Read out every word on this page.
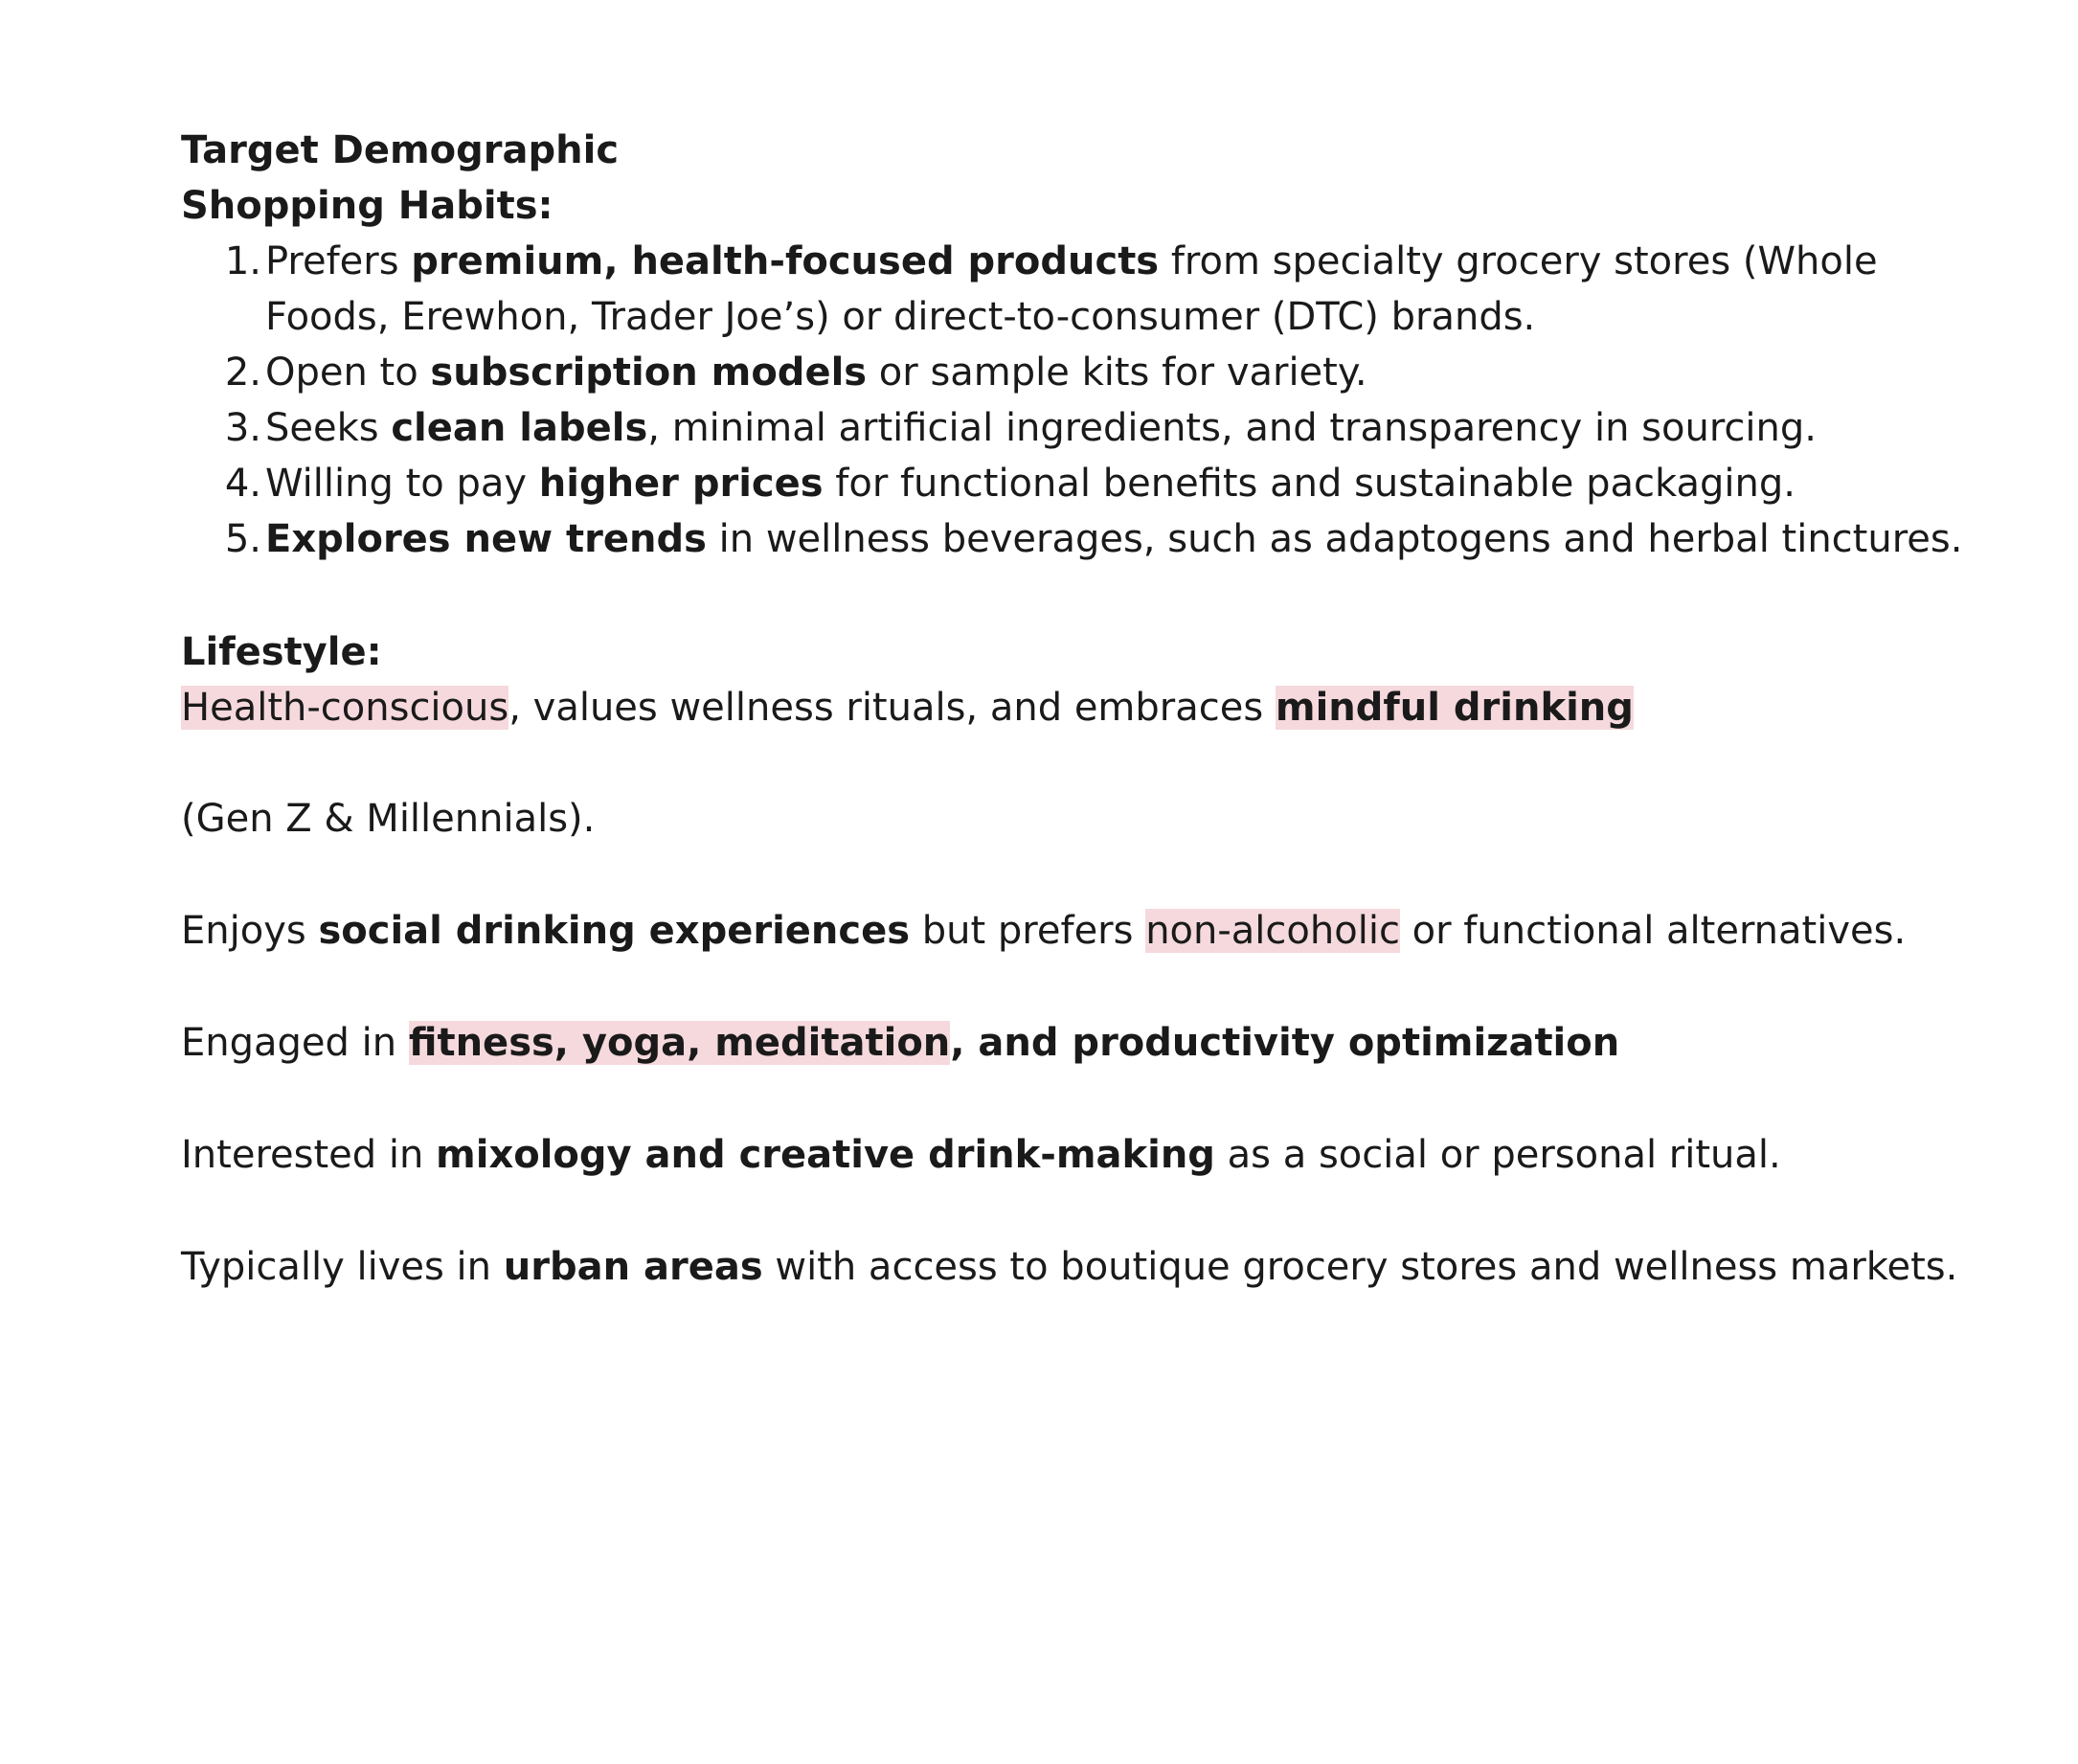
Target Demographic
Shopping Habits:
1. Prefers premium, health-focused products from specialty grocery stores (Whole
Foods, Erewhon, Trader Joe’s) or direct-to-consumer (DTC) brands.
2. Open to subscription models or sample kits for variety.
3. Seeks clean labels, minimal artificial ingredients, and transparency in sourcing.
4. Willing to pay higher prices for functional benefits and sustainable packaging.
5. Explores new trends in wellness beverages, such as adaptogens and herbal tinctures.
Lifestyle:
Health-conscious, values wellness rituals, and embraces mindful drinking
(Gen Z & Millennials).
Enjoys social drinking experiences but prefers non-alcoholic or functional alternatives.
Engaged in fitness, yoga, meditation, and productivity optimization
Interested in mixology and creative drink-making as a social or personal ritual.
Typically lives in urban areas with access to boutique grocery stores and wellness markets.
